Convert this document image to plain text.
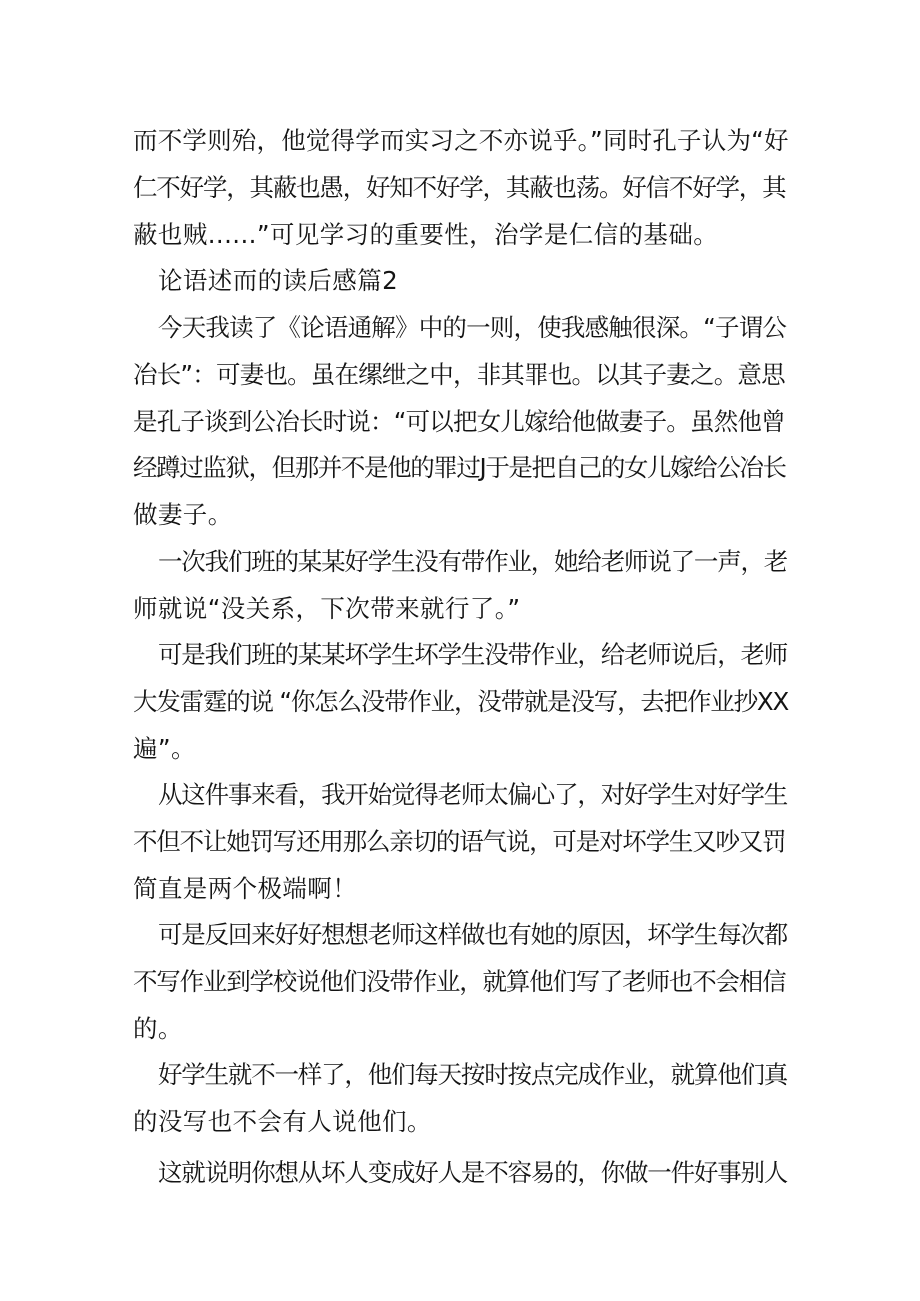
而不学则殆，他觉得学而实习之不亦说乎。”同时孔子认为“好
仁不好学，其蔽也愚，好知不好学，其蔽也荡。好信不好学，其
蔽也贼......”可见学习的重要性，治学是仁信的基础。
论语述而的读后感篇2
今天我读了《论语通解》中的一则，使我感触很深。“子谓公
冶长”：可妻也。虽在缧绁之中，非其罪也。以其子妻之。意思
是孔子谈到公冶长时说：“可以把女儿嫁给他做妻子。虽然他曾
经蹲过监狱，但那并不是他的罪过J于是把自己的女儿嫁给公冶长
做妻子。
一次我们班的某某好学生没有带作业，她给老师说了一声，老
师就说“没关系，下次带来就行了。”
可是我们班的某某坏学生坏学生没带作业，给老师说后，老师
大发雷霆的说 “你怎么没带作业，没带就是没写，去把作业抄XX
遍”。
从这件事来看，我开始觉得老师太偏心了，对好学生对好学生
不但不让她罚写还用那么亲切的语气说，可是对坏学生又吵又罚
简直是两个极端啊！
可是反回来好好想想老师这样做也有她的原因，坏学生每次都
不写作业到学校说他们没带作业，就算他们写了老师也不会相信
的。
好学生就不一样了，他们每天按时按点完成作业，就算他们真
的没写也不会有人说他们。
这就说明你想从坏人变成好人是不容易的，你做一件好事别人
